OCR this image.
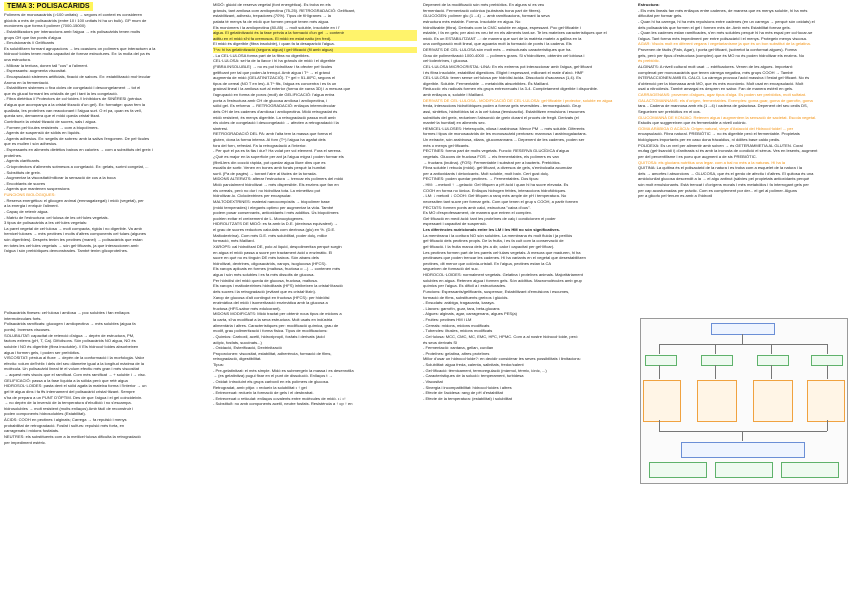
TEMA 3: POLISACÀRIDS
Polímers de monosacàrids (>100 unitats) → segons el context es consideren
glúcids a més de polisacàrids (entre 10 i 100 unitats hi ha un bulk). GP mum de
monòmers que forma il polímer (7000-15000)
- Estabilitzadors per interaccions amb l'aigua → els polisacàrids tenen molts
grups OH que fan ponts d'aigua
- Emulsionants // Gelificants
Es solubilitzen formant agrupacions → les ocasions on polímers que interactuen a la
hidrocol·loides tenen molta capacitat de formar estructures. Ex: la molla del pa és
una estructura.
- Millorar la textura, donen tall "cos" a l'aliment.
- Espessants: augmenta viscositat.
- Encapsulació sistemes artificials, fixació de sabors. Ex: estabilització mol·lecular
Aroma en la fermentació.
- Estabilitzen sistemes o fixa cicles de congelació i descongelament → tot el
que és glucal formant les cristalls de gel i tant la les congelació.
- Fibra dietètica // Protectors de col·loides // Inhibidors de SINÈRESI (pèrdua
d'aigua que acompanya a la cristal·lització d'un gel). Ex: formatge: quan fem la
quallada, les proteïnes van reaccionant i l'aigua surt. O el pa, quan es fa vell,
queda sec, demanera que el midó queda cristal·litzat.
Contribueix la cristal·lització de sucres, sals i aigua.
- Formen pel·lícules resistents → com a biopolímers.
- Agents de suspensió de sòlids en líquids.
- Agents adhesius. Ex: segells de sobres: amb la saliva l'engomen. De pel·lícules
que es mullen i són adhesius.
- Espessants en aliments dietètics baixos en calories → com a substituts del greix i
proteïnes.
- Agents clarificants.
- Crioprotectors d'aliments sotmesos a congelació. Ex: gelats, surimi congelat, ...
- Substituts de greix.
- Augmentar la viscositat//millorar la sensació de cos a la boca
- Encoblants de sucres
- Agents que mantenen suspensions
FUNCIONS BIOLÒGIQUES:
- Reserva energètica: el glicogen animal (emmagatzegat) i midó (vegetal), per
a la energia i enriquir l'aliment.
- Capaç de retenir aigua.
- Matriu de l'estructura: cel·lulosa de les cèl·lules vegetals.
3 tipus de polisacàrids a les cèl·lules vegetals:
La paret vegetal de cel·lulosa → molt compacta, rígida i no digerible. Va amb
hemicel·luloses → més pectines i molts d'altres components cel·lulars (algunes
són digeribles). Després tenim les pectines (manel) → polisacàrids que estan
en totes les cel·lules vegetals → són gel·lificants, ja que interaccionen amb
l'aigua i són prebiòtiques demonstrades. També tenim glicoproteïnes.

Polisacàrids fixeses: cel·lulosa i amilosa → poc solubles i fan enllaços
intermoleculars forts.
Polisacàrids ramificats: glucogen i amilopectina → més solubles (aigua fa
ponts). Inverses viscoses.
SOLUBILITAT: capacitat de retenció d'aigua → depèn de estructura, PM,
factors externs (pH, T, Ca). Difícilsons. Són polisacàrids NO aigua, NO és
soluble i NO és digerible (fibra insoluble). // Els hidrocol·loides absorbeixen
aigua i formen gels, i poden ser prebiòtics.
VISCOSITAT: pèrdua al fluxe → depèn de la conformació i la morfologia. Valor
efectiu: volum del'hèlix i dels del seu diàmetre igual a la longitud màxima de la
molècula. Un polisacàrid lineal té el volum efectiu més gran i més viscositat
→ aquest més viscós que el ramificat. Com més ramificat → + soluble i → visc.
GELIFICACIÓ: passa a la fase líquida a la sòlida però que retè aigua
HIDROSOL·LOIDES: pasta dent el sòlid agafa la mateixa forma i l'interior → un
gel té aigua dins i fa ffs internament del polisacàrid cristal·litzant. Sempre
s'ha de prepara a un PUNT D'ÒPTIM. Des de que l'aigua i el gel coincideixin.
→ no depèn de la inversió de la temperatura d'ebullició i no s'escampa.
hidrosolubles → molt resistent (molts enllaços) Amb fàcil de reconstruir i
poden components hidrosolubles (Estabilitat).
ÀCIDS: COOH en pectines i alginats; Carrega → fa repulsió i menys
probabilitat de retrogradació. Fosfat i sulfurs: repulsió més forta, en
carragenats i midons fosfatats.
NEUTRES: els substituents com a la metilcel·lulosa dificulta la retrogradació
per impediment estèric.
MIDÓ: glúcid de reserva vegetal (font energètica). Es troba en els
grànuls, tant amilosa com amilopectina (75-25). RETROGRADACIÓ: Gelificant,
estabilitzant, adhesiu, trepadores (70%). Tipus de fil·ligranes → la
patata té menys fa de midó que formen perquè tenen més aigua.
Els monòmers i la amilopectina (80-85) → molt soluble, insoluble en i l'
aigua. El gelatinització és la fase prèvia a la formació d'un gel → contenir
aditiu en el midó s'hi fa cremosos. El midó en estat natiu (en fred).
El midó és digerible (fibra insoluble), i quan fa la desaparició l'aigua.
T^a: hi ha gelatinització (segons aigua) i gel·lificació (fil amb aigua)
- La CEL·LULOSA forma part de la fibra no digeribles.
CEL·LULOSA: sel·la de la llavor i hi ha grànuls de midó i el digerible
(FIBRA INSOLUBLE) → no es pot hidrolitzar i fa ofecter pel·lícules
gelificant per tal que poden-la trenqui. Amb aigua i T^ → el grànul
augmenta de midó (GELATINITZACIÓ). T^ gel ≈ 51-80ºC, segons el
tipus de cereal (NO T en les). A T^ fils, l'aigua es concentra i es fa un
graònal lineal i la amilosa surt al exterior (forma de xarxa 3D) i a mesura que
l'agrupació en forma de poros (moll) de GELIFICACIÓ: l'aigua entra
porta a l'estructura amb CH de glucosa amilosa i amilopectina, i
sòlid gel. Es reforma → RETROGRADACIÓ: enllaços intermolecular
dels OH de les cadenes d'amilosa i amilopectina. Midó retrogradat és
midó resistent, és menys digerible. La retrogradació passa molt amb
els cicles de congelació i descongelació → afecten a retrogradació i la
sinèresi.
RETROGRADACIÓ DEL PA: amb l'alta tem la massa que forma el
gluten, dona la forma interna. Al forn (T^) l'aigua ha agafat dels
fora del forn, refredat. Fa la retrogradació a l'interior.
- Per què el pa es fa fàs i dur? Ha volat per vol element. Fora el serena.
¿Què es major en la superfície per ant ja l'aigua migra i poden formar els
(fibriLlers dín cocció ràpida, pot quedar aigua lliure dins que es
escalfa de sortir. Venen en bones amb forats perquè la humitat
surti. (Pa de pagès) → torrant l'aire al fàcies de la torrada.
MIDONS ALTERATS: alterar l'estructura → trencar els polímers del midó
Midó parcialment hidrolitzat → més dispersible. Els enzims que fan en
els cereals, però no dur i no hidrolitza tota. La mimetitzo pot
hidrolitzar-lo. Ciclodextrines per encapsular.
MALTODEXTRINES: material nanocompòsits → biopolímer base
(midó temperades) i elegants optimo per augmentar la vida. També
podem posar conservants, antioxidants i més additius. Ús biopolímers
podrien evitar el creixement de L. Monocytogenes.
HIDROLITZATS DE MIDÓ: es fa amb la D.E. (dextrosa equivalent) →
el grau de sucres reductors calculats com dextrosa (glu) en %. (D.E.
Maltodextrina). Com més D.E. més solubilitat, poder dolç, millor
formació, més Maillard.
XAROPS: cal hidrolitzat DE, polo al líquid, despolimeritza perquè surgin
en aigua el midó passa a sucre per tractament àcid o enzimàtic. El
sucre en què no es tinguin DE més baixos. Són abans dels
hidrolitzat, dextrines, oligosacàrids, xarops, isoglucosa (HFCS).
Els xarops aplicats en formes (maltosa, fructosa o ...) → contenen més
aigua i són més solubles i es fa més dissolts de glucosa.
Per hidròlisi del midó queda de glucosa, fructosa, maltosa.
Els xarops i maltodextrines hidrolitzats (HFS) inhibeixen la cristal·lització
dels sucres i la retrogradació (evitant que es cristal·litzin).
Xarop de glucosa d'alt contingut en fructosa (HFCS): per hidròlisi
enzimàtica del midó i isomerització enzimàtica amb la glucosa a
fructosa (HFS-sabor més edulcorant).
MIDONS MODIFICATS: Midó tractat per obtenir nous tipus de midons a
la carta, s'ha modificat a la seva estructura. Molt usats en indústria
alimentària i altres. Característiques per: modificació química, grau de
modif, grau polimerització i forma física. Tipus de modificacions:
- Químics: Carboxil, acetil, hidroxipropil, fosfats i derivats (àcid
adípic, fosfats, succinats...)
- Oxidació, Esterificació, Dextrinització
Proporcionen: viscositat, estabilitat, adherència, formació de films,
retrogradació, digestibilitat.
Tipus:
- Pre-gelatinitzat: el més simple. Midó es submergeix la massa i es desenrotlla
→ (es gelatinitza) pugui fixar en el punt de dissolució. Enllaços t →
- Oxidat: introduint els grups carboxil en els polímers de glucosa.
Retrogradat, amb pitjor. • redueix la solubilitat • ↑ gel
- Entrecreuat: redueix la formació de gels i el desbrabat.
- Entrecreuat o reticulat: enllaços covalents entre molècules de midó. •↓ •↑
- Substituït: no amb components acetil, neutre fosfats. Resistència a ↑ cp ↑ en
Depenent de la modificació són més prebiòtics. En alguns sí es veu
fermentació. Fermentació colònica (substrats bona part de fibres).
GLUCOGEN: polímer glu (1→4) → amb ramificacions, formant la seva
estructura més estable. Forma. Insoluble en aigua. No
hidrolitzable (fibra). Derivats com la CMC soluble en aigua, espessant. Poc gel·lificable i
estable, i fa en gels; per això es veu bé en els aliments tant-se. Te les mateixes característiques que el
midó. Es un ESTABILITZANT ...: de manera que surt de la matèria mateix a gallina en la
una configuració molt lineal, que aguanta molt la formació de ponts i la cadena. Els
DERIVATS DE CEL·LULOSA són molt més ... estructurals característiques que ha.
Grau de polimerització 1000-4000 → polímers grans. Si s'hidrolitzen, obtenim cel·lobiosa i
cel·lodextrines, i glucosa.
CEL·LULOSA MICROCRISTAL·LINA: En els extrems pot interaccionar amb l'aigua, gel·lificant
i és fibra insoluble, estabilitat digestions. Eligint i espessant, millorant el mate d'aixó. HMF
CEL·LULOSA: tenen sense cel·lulosa per hidròlisi àcida. Dissolució d'sacarosa (1,4). Es
digerible. Soluble. Fermentable → metabòlits absorbibles. És Maillard.
Reducció: els radicals formen els grups entrecreuats i la 3-4. Completament digerible i disponible.
amb enllaços α, soluble i Maillard.
DERIVATS DE CEL·LULOSA - MODIFICACIÓ DE CEL·LULOSA: gel·lificable i protector, soluble en aigua
freda, interaccions hidrofòbiques poden a formar gels reversibles - termoregulació. Grup
assi, sintètics, hidrofòbics tal a la cel·lulosa (tensioactiu). Estabilitzen emulsions i escumes
substituts del greix, redueixen l'absorció de greix durant el procés de fregit. Derivats (el
mantel·la humitat) en aliments sec.
HEMICEL·LULOSES: Heteropolis, xilosa i arabinosa: Menor PM → més soluble. Diferents
formes i tipus de monosacàrids de les monosacàrid pentoses: mannosa i arabinogalactans.
Un extracte, són arabinosa, xilans, glucomannans ... Depenent de les cadenes, poden ser
més o menys gel·lificants.
PECTINES: forma part de molts vegetals. Funció: RESERVA GLUCÍDICA d'aigua
vegetals. Glucons de fructosa FOS → els fermentables, els polímers es van
→ fructans (inulina). (FOS): Fermentable i substrat per a bacteris. Prebiòtics.
Fibra soluble i rebuda (midó). gel·lificant, a diversos de gels, s'embolcalla acumular
per a antioxidants i detoxicants. Molt soluble, molt baix. Cert gust dolç.
PECTINES: poden quedar pectines. → Fermentables. Dos tipus:
- HM: →metoxil ↑ →gelació: Gel·lifiquen a pH àcid i quan hi ha sucre elevada. Es
COOH en forma no iònica. Enllaços hidrogen febles, interaccions hidrofòbiques.
- LM: ↓ metoxil ↓ COOH: Gel·lifiquen a ranq més ample de pH i temperatura. No
necessiten tant sucre per formar gels. Com que tenen el grup s COOH, a partir formen
PECTATS: formen ponts amb calci, estructura "caixa d'ous".
Es MO d'esprofessament, de manera que entren el complex.
Gel·lificació en medi àcid: tant les proteïnes de calç i condicionen el poder
espessant i capacitat de suspensió.
Les diferències nutricionals entre les LM i les HM no són significatives.
La membrana i la coritura NO són solubles. La membrana és molt fluida i ja perillós
gel·lificació dels pectines propis. De la fruita, i es fa cuit com la conservació de
gel·lificació. I la fruita marca dels (és a dir, calor i capacitat per gel·lificar).
Les pectines formen part de les parets cel·lulars vegetals. A mesura que maduren, hi ha
pectinases que poden trencar les cadenes. Hi ha variants en el vegetal que desestabilitzen
pectines, dit menor que colònia-cristall. En l'aigua, pectines estan la CA
segueixen de formació del suc.
HIDROCOL·LOIDES: normalment vegetals. Gelatina i proteïnes animals. Majoritàriament
solubles en aigua. Retenen aigua i formen gels. Són additius. Macromolècules amb grup
químics per l'aigua. Es difícil a i estructurades.
Funcions: Espessants/gelificants, suspensor, Estabilitzant d'emulsions i escumes,
formació de films, substituents greixos i glúcids.
- Exsudats: aràbiga, tragacanta, karaya.
- Llavors: garrofín, guar, tara, beta-glucans
- Algues: alginats, agar, carragenans, algues PES(a)
- Fruites: pectines HM i LM
- Cereals: midons, midons modificats
- Tubercles: iltusles, midons modificats
- Cel·lulosa: MCC, CMC, MC, EMC, HPC, HPMC. Com a al nostre hidrocol·loide, però
és seus derivats SI
- Fermentació: xantana, gellan, curdlan
- Proteïnes: gelatina, altres proteïnes
Millor d'usar un hidrocol·loide?: en decidir considerar les seves possibilitats i limitacions:
- Solubilitat: aigua freda, calenta, salinitats, fredor/calent
- Gel·lificació: tèrmicament, termoregulació (màrmol, tèrmic, iònic, ...)
- Característiques de la solució: temperament, turbidesa
- Viscositat
- Sinergia i incompatibilitat: hidrocol·loides i altres
- Efecte de l'acidesa: rang de pH d'estabilitat
- Efecte de la temperatura: (estabilitat) i solubilitat
Estructura:
- Els més lineals fan més enllaços entre cadenes, de manera que es menys soluble, hi ha més
dificultat per formar gels.
- Quan hi ha carrega, hi ha més repulsions entre cadenes (en un carrega → perquè són oxidats) el
dels polisacàrids que formen el gel i formen més de. Amb més Estabilitat formar gels.
- Quan les cadenes estan ramificades, s'en més solubles perquè hi ha més espai per col·locar-se
l'aigua. Tant forma més impediment per entre polisacàrid i el menys. Protegeix menys viscosa.
AGAR: Viscós molt en diferent vegans i vegetarianisme ja que és un bon substitut de la gelatina.
Provenen de fàcils (Pain, Agar), i porta gel·lificant, (sobretot la conformat algues). Forma
gels, peró per tipus d'estructura (complex) que és MO no és poden hidrolitzar els enzims. No
és prebiòtic.
ALGINATS: A nivell cultural molt usat → edrificadores. Venen de les algues. Important:
complexat per monosacàrids que tenen càrrega negativa, més grups COOH → També
INTERACCIONEN AMB EL CALCI. La càrrega provoca l'acid massiva i l'estat gel·lificant. No és
d'obtenció per la biomassa amb MO, que és més econòmic. Molt usat en encapsulació. Molt
usat a nitroòlesis. També amargai es despren en sabor. Fan de manera estèril en gels.
CARRAGENANS: provenen d'algues, agar tipus d'alga. Es poden ser prebiòtics, molt sulfatat.
GALACTOMANNANS: els d'origen, fermentables. Exemples: goma guar, goma de garrofín, goma
tara. - Cadena de mannosa amb els (1→4) i cadena de galactosa. Depenent del seu cedis DS,
Segueixen ser prebiòtics en el cos.
GLUCOMANNÀ DE KONJAC: Retenen aigua i augmentem la sensació de sacietat. Escola vegetal.
Estudis que suggereixen que és fermentable a nivell colònic.
GOMA ARÀBIGA O ACÀCIA: Origen natural, vinye d'Astaccid del Hidrocol·loide! ... per
encapsulació. Fibra natural. PREBIÒTIC → no és digerible però el fermentable. Propietats
biològiques importants per en caso dona fràcaldius, ni dòlites base caldo pedis.
POLIDEXA: Es un vrel per alimentir amb solven → és GETERAMMETIA AL GLUTEN. Coral
mufag (gel·lisarcidi i) d'anitrasis si és amb la incrosta de condició el sèrrus. Ves en lesents, augment
per del percentilisme i es poeu que augment a de sis PREBIÒTIC.
QUITOSA: els glucians nutritius una legar. com a bal no més a la naturas. Hi ha la
QUITINA: La quitina és el polisacàrid de la natura i es troba com a esquelet de la natura i la
dels → amorfes i absorcions → GLUCOSA, que és el gerdo de afectiu i d'altres. El quitosa és una
amido/unilat glucosa descendit a la → el algu antinut (sàlvies pel propietats antioxidants perquè
són molt emulsionants. Està trencat i d'orígens morals i més metabòlics i fa interrogant gels per
per cap acostumadas per pràctic. Com es complement por der... el gel al polímer. Alguns
per a glicofo pel·lenum es amb a l'hidroxil
